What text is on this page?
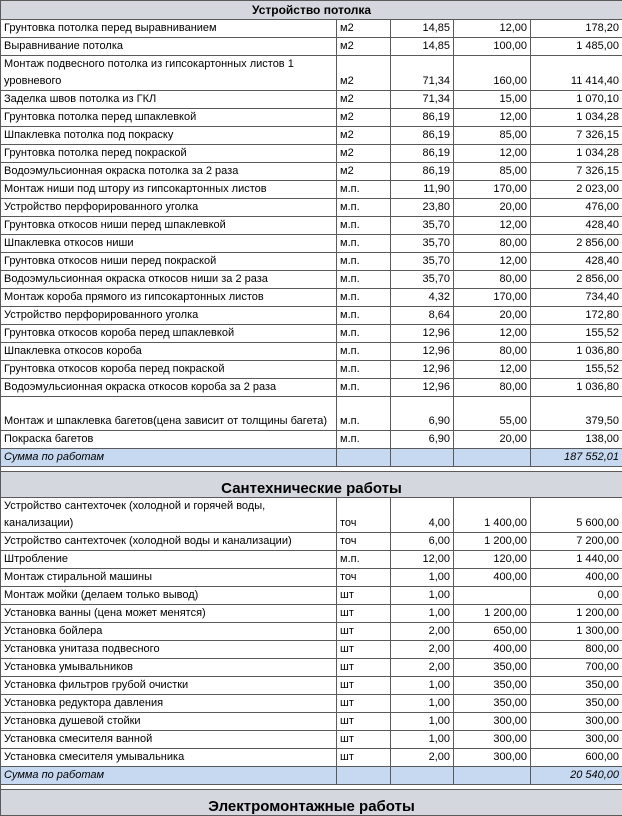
Устройство потолка				
Грунтовка потолка перед выравниванием	м2	14,85	12,00	178,20
Выравнивание потолка	м2	14,85	100,00	1 485,00
Монтаж подвесного потолка из гипсокартонных листов 1 уровневого	м2	71,34	160,00	11 414,40
Заделка швов потолка из ГКЛ	м2	71,34	15,00	1 070,10
Грунтовка потолка перед шпаклевкой	м2	86,19	12,00	1 034,28
Шпаклевка потолка под покраску	м2	86,19	85,00	7 326,15
Грунтовка потолка перед покраской	м2	86,19	12,00	1 034,28
Водоэмульсионная окраска потолка за 2 раза	м2	86,19	85,00	7 326,15
Монтаж ниши под штору из гипсокартонных листов	м.п.	11,90	170,00	2 023,00
Устройство перфорированного уголка	м.п.	23,80	20,00	476,00
Грунтовка откосов ниши перед шпаклевкой	м.п.	35,70	12,00	428,40
Шпаклевка откосов ниши	м.п.	35,70	80,00	2 856,00
Грунтовка откосов ниши перед покраской	м.п.	35,70	12,00	428,40
Водоэмульсионная окраска откосов ниши за 2 раза	м.п.	35,70	80,00	2 856,00
Монтаж короба прямого из гипсокартонных листов	м.п.	4,32	170,00	734,40
Устройство перфорированного уголка	м.п.	8,64	20,00	172,80
Грунтовка откосов короба перед шпаклевкой	м.п.	12,96	12,00	155,52
Шпаклевка откосов короба	м.п.	12,96	80,00	1 036,80
Грунтовка откосов короба перед покраской	м.п.	12,96	12,00	155,52
Водоэмульсионная окраска откосов короба за 2 раза	м.п.	12,96	80,00	1 036,80
Монтаж и шпаклевка багетов(цена зависит от толщины багета)	м.п.	6,90	55,00	379,50
Покраска багетов	м.п.	6,90	20,00	138,00
Сумма по работам				187 552,01

Сантехнические работы				
Устройство сантехточек (холодной и горячей воды, канализации)	точ	4,00	1 400,00	5 600,00
Устройство сантехточек (холодной воды и канализации)	точ	6,00	1 200,00	7 200,00
Штробление	м.п.	12,00	120,00	1 440,00
Монтаж стиральной машины	точ	1,00	400,00	400,00
Монтаж мойки (делаем только вывод)	шт	1,00		0,00
Установка ванны (цена может менятся)	шт	1,00	1 200,00	1 200,00
Установка бойлера	шт	2,00	650,00	1 300,00
Установка унитаза подвесного	шт	2,00	400,00	800,00
Установка умывальников	шт	2,00	350,00	700,00
Установка фильтров грубой очистки	шт	1,00	350,00	350,00
Установка редуктора давления	шт	1,00	350,00	350,00
Установка душевой стойки	шт	1,00	300,00	300,00
Установка смесителя ванной	шт	1,00	300,00	300,00
Установка смесителя умывальника	шт	2,00	300,00	600,00
Сумма по работам				20 540,00

Электромонтажные работы				
